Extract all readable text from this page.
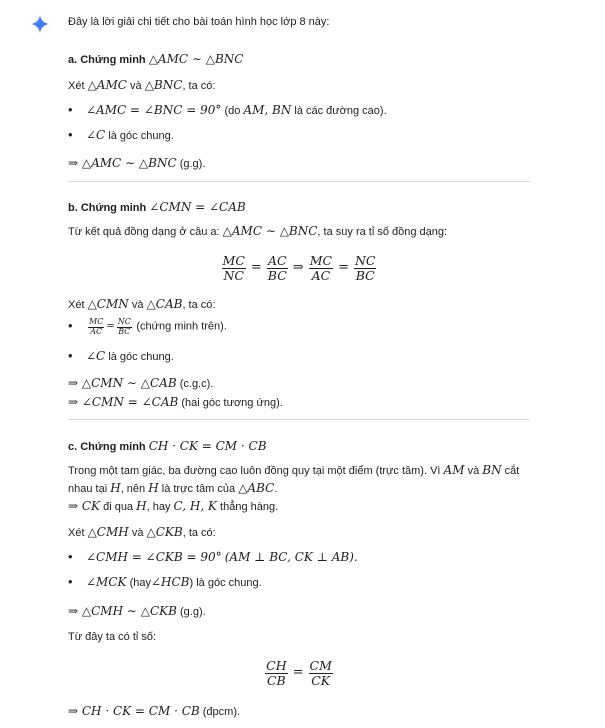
Đây là lời giải chi tiết cho bài toán hình học lớp 8 này:
a. Chứng minh △AMC ∼ △BNC
Xét △AMC và △BNC, ta có:
• ∠AMC = ∠BNC = 90° (do AM, BN là các đường cao).
• ∠C là góc chung.
⇒ △AMC ∼ △BNC (g.g).
b. Chứng minh ∠CMN = ∠CAB
Từ kết quả đồng dạng ở câu a: △AMC ∼ △BNC, ta suy ra tỉ số đồng dạng:
$\frac{MC}{NC} = \frac{AC}{BC}$ ⇒ $\frac{MC}{AC} = \frac{NC}{BC}$
Xét △CMN và △CAB, ta có:
• $\frac{MC}{AC} = \frac{NC}{BC}$ (chứng minh trên).
• ∠C là góc chung.
⇒ △CMN ∼ △CAB (c.g.c).
⇒ ∠CMN = ∠CAB (hai góc tương ứng).
c. Chứng minh CH · CK = CM · CB
Trong một tam giác, ba đường cao luôn đồng quy tại một điểm (trực tâm). Vì AM và BN cắt
nhau tại H, nên H là trực tâm của △ABC.
⇒ CK đi qua H, hay C, H, K thẳng hàng.
Xét △CMH và △CKB, ta có:
• ∠CMH = ∠CKB = 90° (AM ⊥ BC, CK ⊥ AB).
• ∠MCK (hay∠HCB) là góc chung.
⇒ △CMH ∼ △CKB (g.g).
Từ đây ta có tỉ số:
$\frac{CH}{CB} = \frac{CM}{CK}$
⇒ CH · CK = CM · CB (đpcm).
